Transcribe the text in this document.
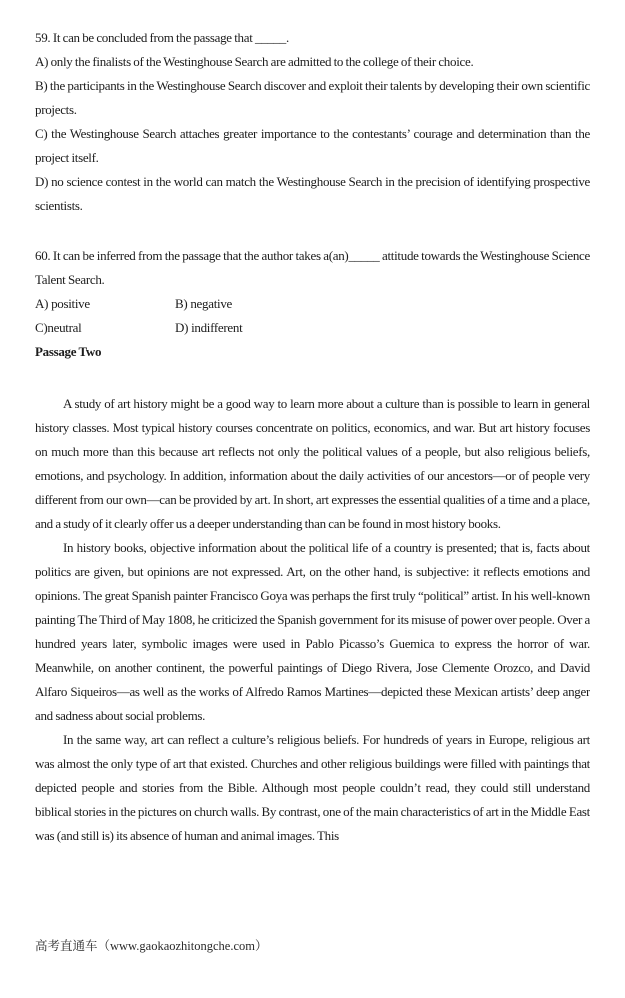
59. It can be concluded from the passage that _____.

A) only the finalists of the Westinghouse Search are admitted to the college of their choice.

B) the participants in the Westinghouse Search discover and exploit their talents by developing their own scientific projects.

C) the Westinghouse Search attaches greater importance to the contestants’ courage and determination than the project itself.

D) no science contest in the world can match the Westinghouse Search in the precision of identifying prospective scientists.

60. It can be inferred from the passage that the author takes a(an)_____ attitude towards the Westinghouse Science Talent Search.

A) positive	B) negative
C)neutral	D) indifferent

Passage Two

A study of art history might be a good way to learn more about a culture than is possible to learn in general history classes. Most typical history courses concentrate on politics, economics, and war. But art history focuses on much more than this because art reflects not only the political values of a people, but also religious beliefs, emotions, and psychology. In addition, information about the daily activities of our ancestors—or of people very different from our own—can be provided by art. In short, art expresses the essential qualities of a time and a place, and a study of it clearly offer us a deeper understanding than can be found in most history books.

In history books, objective information about the political life of a country is presented; that is, facts about politics are given, but opinions are not expressed. Art, on the other hand, is subjective: it reflects emotions and opinions. The great Spanish painter Francisco Goya was perhaps the first truly “political” artist. In his well-known painting The Third of May 1808, he criticized the Spanish government for its misuse of power over people. Over a hundred years later, symbolic images were used in Pablo Picasso’s Guemica to express the horror of war. Meanwhile, on another continent, the powerful paintings of Diego Rivera, Jose Clemente Orozco, and David Alfaro Siqueiros—as well as the works of Alfredo Ramos Martines—depicted these Mexican artists’ deep anger and sadness about social problems.

In the same way, art can reflect a culture’s religious beliefs. For hundreds of years in Europe, religious art was almost the only type of art that existed. Churches and other religious buildings were filled with paintings that depicted people and stories from the Bible. Although most people couldn’t read, they could still understand biblical stories in the pictures on church walls. By contrast, one of the main characteristics of art in the Middle East was (and still is) its absence of human and animal images. This

高考直通车（www.gaokaozhitongche.com）
